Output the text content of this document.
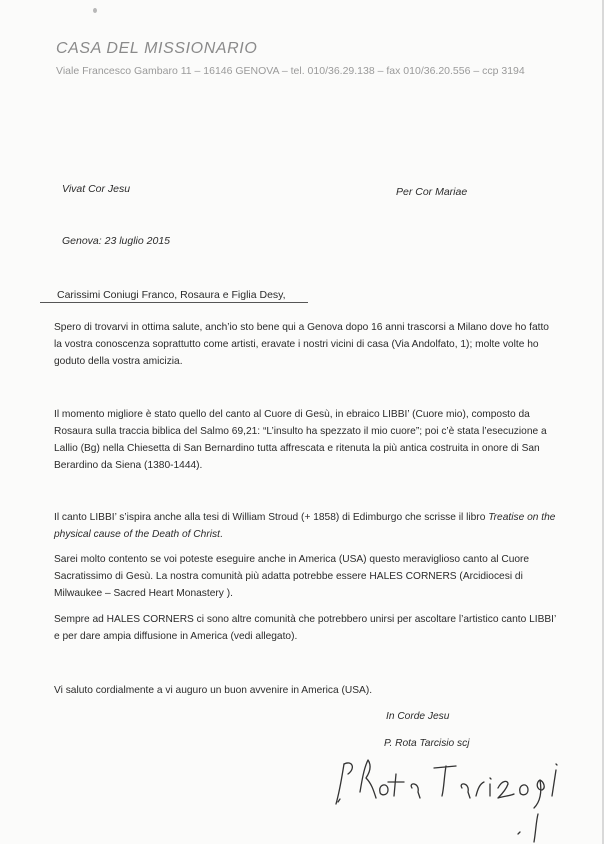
CASA DEL MISSIONARIO
Viale Francesco Gambaro 11 – 16146 GENOVA – tel. 010/36.29.138 – fax 010/36.20.556 – ccp 3194
Vivat Cor Jesu	Per Cor Mariae
Genova: 23 luglio 2015
Carissimi Coniugi Franco, Rosaura e Figlia Desy,

Spero di trovarvi in ottima salute, anch’io sto bene qui a Genova dopo 16 anni trascorsi a Milano dove ho fatto la vostra conoscenza soprattutto come artisti, eravate i nostri vicini di casa (Via Andolfato, 1); molte volte ho goduto della vostra amicizia.

Il momento migliore è stato quello del canto al Cuore di Gesù, in ebraico LIBBI’ (Cuore mio), composto da Rosaura sulla traccia biblica del Salmo 69,21: “L’insulto ha spezzato il mio cuore”; poi c’è stata l’esecuzione a Lallio (Bg) nella Chiesetta di San Bernardino tutta affrescata e ritenuta la più antica costruita in onore di San Berardino da Siena (1380-1444).

Il canto LIBBI’ s’ispira anche alla tesi di William Stroud (+ 1858) di Edimburgo che scrisse il libro Treatise on the physical cause of the Death of Christ.

Sarei molto contento se voi poteste eseguire anche in America (USA) questo meraviglioso canto al Cuore Sacratissimo di Gesù. La nostra comunità più adatta potrebbe essere HALES CORNERS (Arcidiocesi di Milwaukee – Sacred Heart Monastery ).

Sempre ad HALES CORNERS ci sono altre comunità che potrebbero unirsi per ascoltare l’artistico canto LIBBI’ e per dare ampia diffusione in America (vedi allegato).

Vi saluto cordialmente a vi auguro un buon avvenire in America (USA).

In Corde Jesu
P. Rota Tarcisio scj
